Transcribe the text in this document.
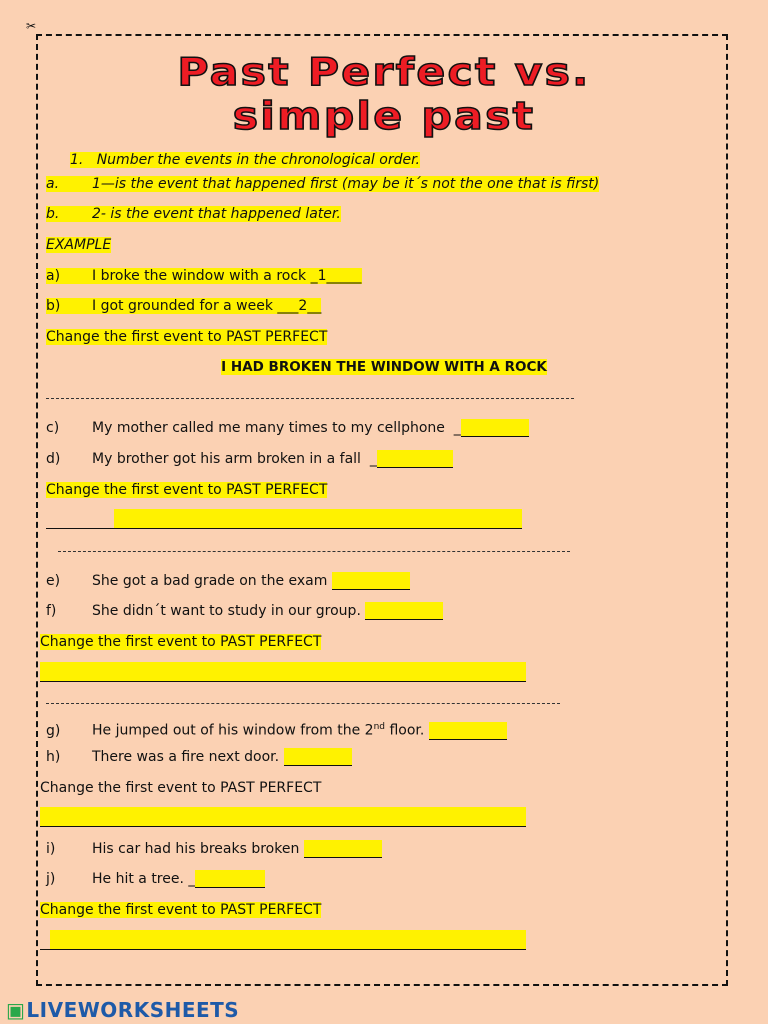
✂
Past Perfect vs.
simple past
1.   Number the events in the chronological order.
a. 1—is the event that happened first (may be it´s not the one that is first)
b. 2- is the event that happened later.
EXAMPLE
a) I broke the window with a rock _1_____
b) I got grounded for a week ___2__
Change the first event to PAST PERFECT
I HAD BROKEN THE WINDOW WITH A ROCK
c) My mother called me many times to my cellphone  _
d) My brother got his arm broken in a fall  _
Change the first event to PAST PERFECT
e) She got a bad grade on the exam
f)	She didn´t want to study in our group.
Change the first event to PAST PERFECT
g) He jumped out of his window from the 2nd floor.
h) There was a fire next door.
Change the first event to PAST PERFECT
i)	His car had his breaks broken
j)	He hit a tree. _
Change the first event to PAST PERFECT
▣LIVEWORKSHEETS
